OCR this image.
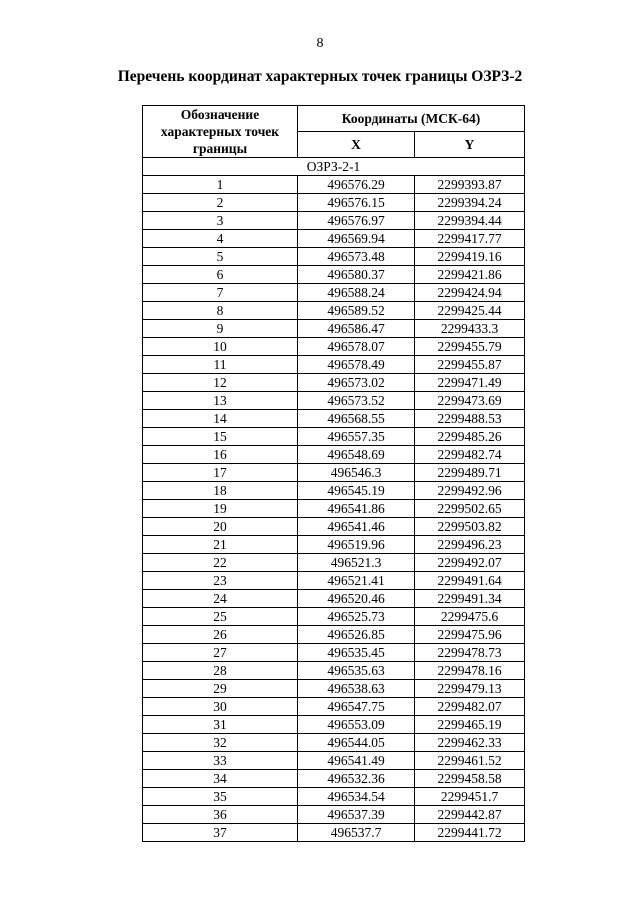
8
Перечень координат характерных точек границы ОЗРЗ-2
Обозначение характерных точек границы	Координаты (МСК-64)	
	X	Y
ОЗРЗ-2-1		
1	496576.29	2299393.87
2	496576.15	2299394.24
3	496576.97	2299394.44
4	496569.94	2299417.77
5	496573.48	2299419.16
6	496580.37	2299421.86
7	496588.24	2299424.94
8	496589.52	2299425.44
9	496586.47	2299433.3
10	496578.07	2299455.79
11	496578.49	2299455.87
12	496573.02	2299471.49
13	496573.52	2299473.69
14	496568.55	2299488.53
15	496557.35	2299485.26
16	496548.69	2299482.74
17	496546.3	2299489.71
18	496545.19	2299492.96
19	496541.86	2299502.65
20	496541.46	2299503.82
21	496519.96	2299496.23
22	496521.3	2299492.07
23	496521.41	2299491.64
24	496520.46	2299491.34
25	496525.73	2299475.6
26	496526.85	2299475.96
27	496535.45	2299478.73
28	496535.63	2299478.16
29	496538.63	2299479.13
30	496547.75	2299482.07
31	496553.09	2299465.19
32	496544.05	2299462.33
33	496541.49	2299461.52
34	496532.36	2299458.58
35	496534.54	2299451.7
36	496537.39	2299442.87
37	496537.7	2299441.72
